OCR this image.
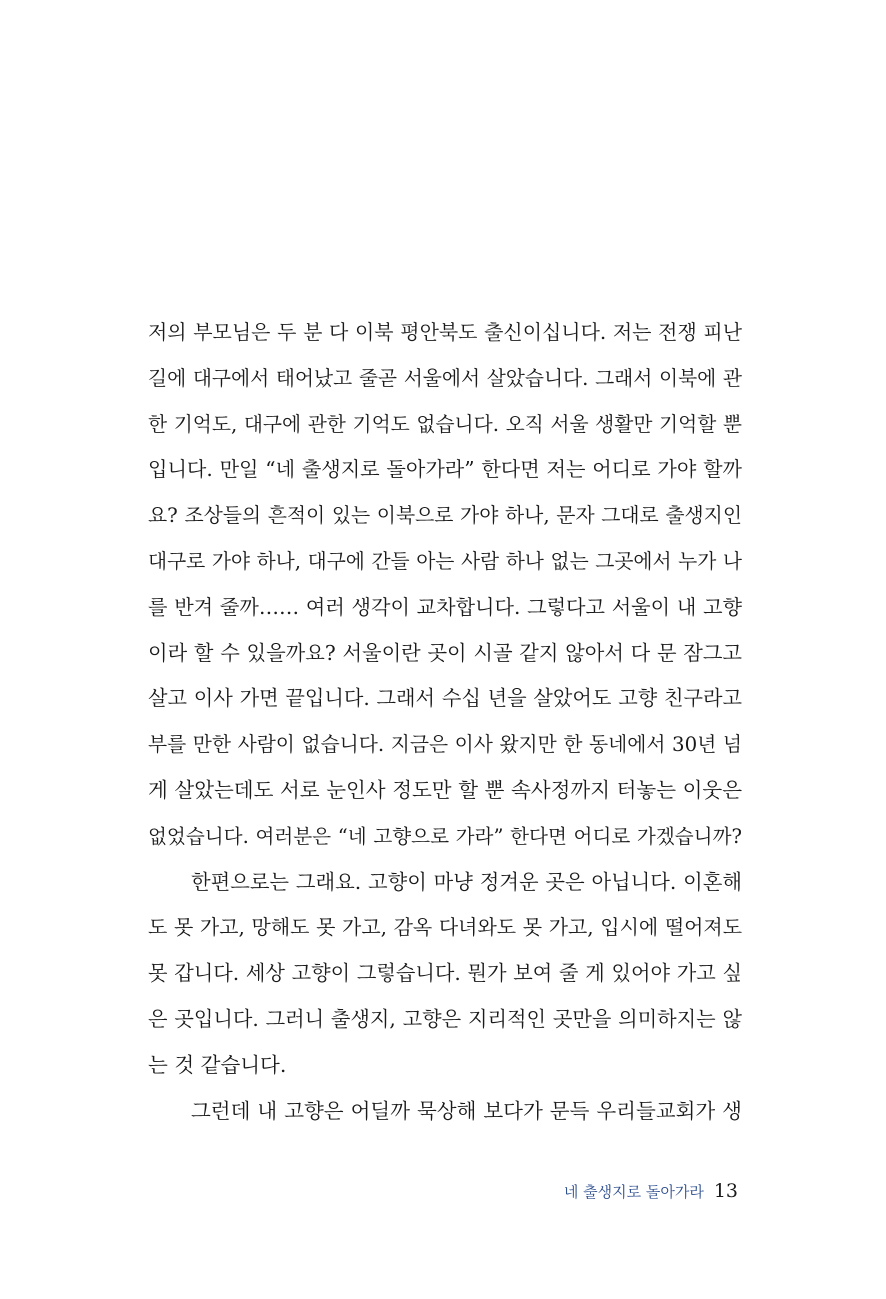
저의 부모님은 두 분 다 이북 평안북도 출신이십니다. 저는 전쟁 피난
길에 대구에서 태어났고 줄곧 서울에서 살았습니다. 그래서 이북에 관
한 기억도, 대구에 관한 기억도 없습니다. 오직 서울 생활만 기억할 뿐
입니다. 만일 “네 출생지로 돌아가라” 한다면 저는 어디로 가야 할까
요? 조상들의 흔적이 있는 이북으로 가야 하나, 문자 그대로 출생지인
대구로 가야 하나, 대구에 간들 아는 사람 하나 없는 그곳에서 누가 나
를 반겨 줄까…… 여러 생각이 교차합니다. 그렇다고 서울이 내 고향
이라 할 수 있을까요? 서울이란 곳이 시골 같지 않아서 다 문 잠그고
살고 이사 가면 끝입니다. 그래서 수십 년을 살았어도 고향 친구라고
부를 만한 사람이 없습니다. 지금은 이사 왔지만 한 동네에서 30년 넘
게 살았는데도 서로 눈인사 정도만 할 뿐 속사정까지 터놓는 이웃은
없었습니다. 여러분은 “네 고향으로 가라” 한다면 어디로 가겠습니까?
한편으로는 그래요. 고향이 마냥 정겨운 곳은 아닙니다. 이혼해
도 못 가고, 망해도 못 가고, 감옥 다녀와도 못 가고, 입시에 떨어져도
못 갑니다. 세상 고향이 그렇습니다. 뭔가 보여 줄 게 있어야 가고 싶
은 곳입니다. 그러니 출생지, 고향은 지리적인 곳만을 의미하지는 않
는 것 같습니다.
그런데 내 고향은 어딜까 묵상해 보다가 문득 우리들교회가 생
네 출생지로 돌아가라 13
